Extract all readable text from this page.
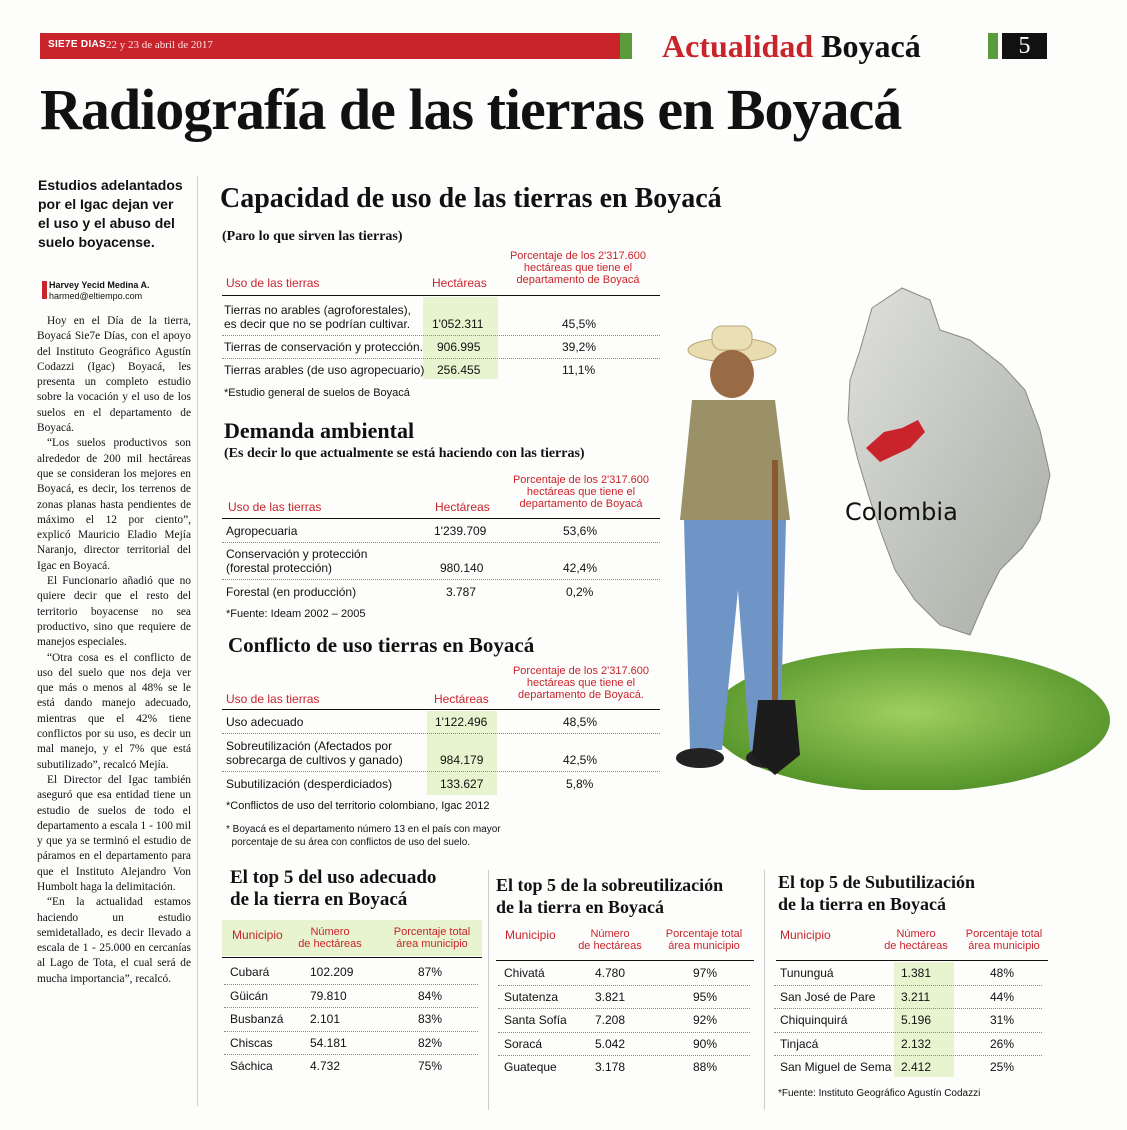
SIE7E DIAS 22 y 23 de abril de 2017	Actualidad Boyacá	5
Radiografía de las tierras en Boyacá
Estudios adelantados por el Igac dejan ver el uso y el abuso del suelo boyacense.
Harvey Yecid Medina A.
harmed@eltiempo.com

Hoy en el Día de la tierra, Boyacá Sie7e Días, con el apoyo del Instituto Geográfico Agustín Codazzi (Igac) Boyacá, les presenta un completo estudio sobre la vocación y el uso de los suelos en el departamento de Boyacá.

“Los suelos productivos son alrededor de 200 mil hectáreas que se consideran los mejores en Boyacá, es decir, los terrenos de zonas planas hasta pendientes de máximo el 12 por ciento”, explicó Mauricio Eladio Mejía Naranjo, director territorial del Igac en Boyacá.

El Funcionario añadió que no quiere decir que el resto del territorio boyacense no sea productivo, sino que requiere de manejos especiales.

“Otra cosa es el conflicto de uso del suelo que nos deja ver que más o menos al 48% se le está dando manejo adecuado, mientras que el 42% tiene conflictos por su uso, es decir un mal manejo, y el 7% que está subutilizado”, recalcó Mejía.

El Director del Igac también aseguró que esa entidad tiene un estudio de suelos de todo el departamento a escala 1 - 100 mil y que ya se terminó el estudio de páramos en el departamento para que el Instituto Alejandro Von Humbolt haga la delimitación.

“En la actualidad estamos haciendo un estudio semidetallado, es decir llevado a escala de 1 - 25.000 en cercanías al Lago de Tota, el cual será de mucha importancia”, recalcó.

Colombia
Capacidad de uso de las tierras en Boyacá
(Paro lo que sirven las tierras)
Uso de las tierras	Hectáreas
Porcentaje de los 2'317.600 hectáreas que tiene el departamento de Boyacá
Tierras no arables (agroforestales),
es decir que no se podrían cultivar. 1'052.311	45,5%
Tierras de conservación y protección. 906.995	39,2%
Tierras arables (de uso agropecuario) 256.455	11,1%
*Estudio general de suelos de Boyacá
Demanda ambiental
(Es decir lo que actualmente se está haciendo con las tierras)
Uso de las tierras	Hectáreas
Porcentaje de los 2'317.600 hectáreas que tiene el departamento de Boyacá
Agropecuaria	1'239.709	53,6%
Conservación y protección
(forestal protección)	980.140	42,4%
Forestal (en producción)	3.787	0,2%
*Fuente: Ideam 2002 – 2005
Conflicto de uso tierras en Boyacá
Uso de las tierras	Hectáreas
Porcentaje de los 2'317.600 hectáreas que tiene el departamento de Boyacá.
Uso adecuado	1'122.496	48,5%
Sobreutilización (Afectados por
sobrecarga de cultivos y ganado)	984.179	42,5%
Subutilización (desperdiciados)	133.627	5,8%
*Conflictos de uso del territorio colombiano, Igac 2012
* Boyacá es el departamento número 13 en el país con mayor
porcentaje de su área con conflictos de uso del suelo.
El top 5 del uso adecuado
de la tierra en Boyacá
Municipio	Número
de hectáreas
Porcentaje total
área municipio
Cubará	102.209	87%
Güicán	79.810	84%
Busbanzá 2.101	83%
Chiscas	54.181	82%
Sáchica	4.732	75%
El top 5 de la sobreutilización
de la tierra en Boyacá
Municipio	Número
de hectáreas
Porcentaje total
área municipio
Chivatá	4.780	97%
Sutatenza	3.821	95%
Santa Sofía 7.208	92%
Soracá	5.042	90%
Guateque	3.178	88%
El top 5 de Subutilización
de la tierra en Boyacá
Municipio	Número
de hectáreas
Porcentaje total
área municipio
Tununguá	1.381	48%
San José de Pare 3.211	44%
Chiquinquirá	5.196	31%
Tinjacá	2.132	26%
San Miguel de Sema 2.412	25%
*Fuente: Instituto Geográfico Agustín Codazzi
